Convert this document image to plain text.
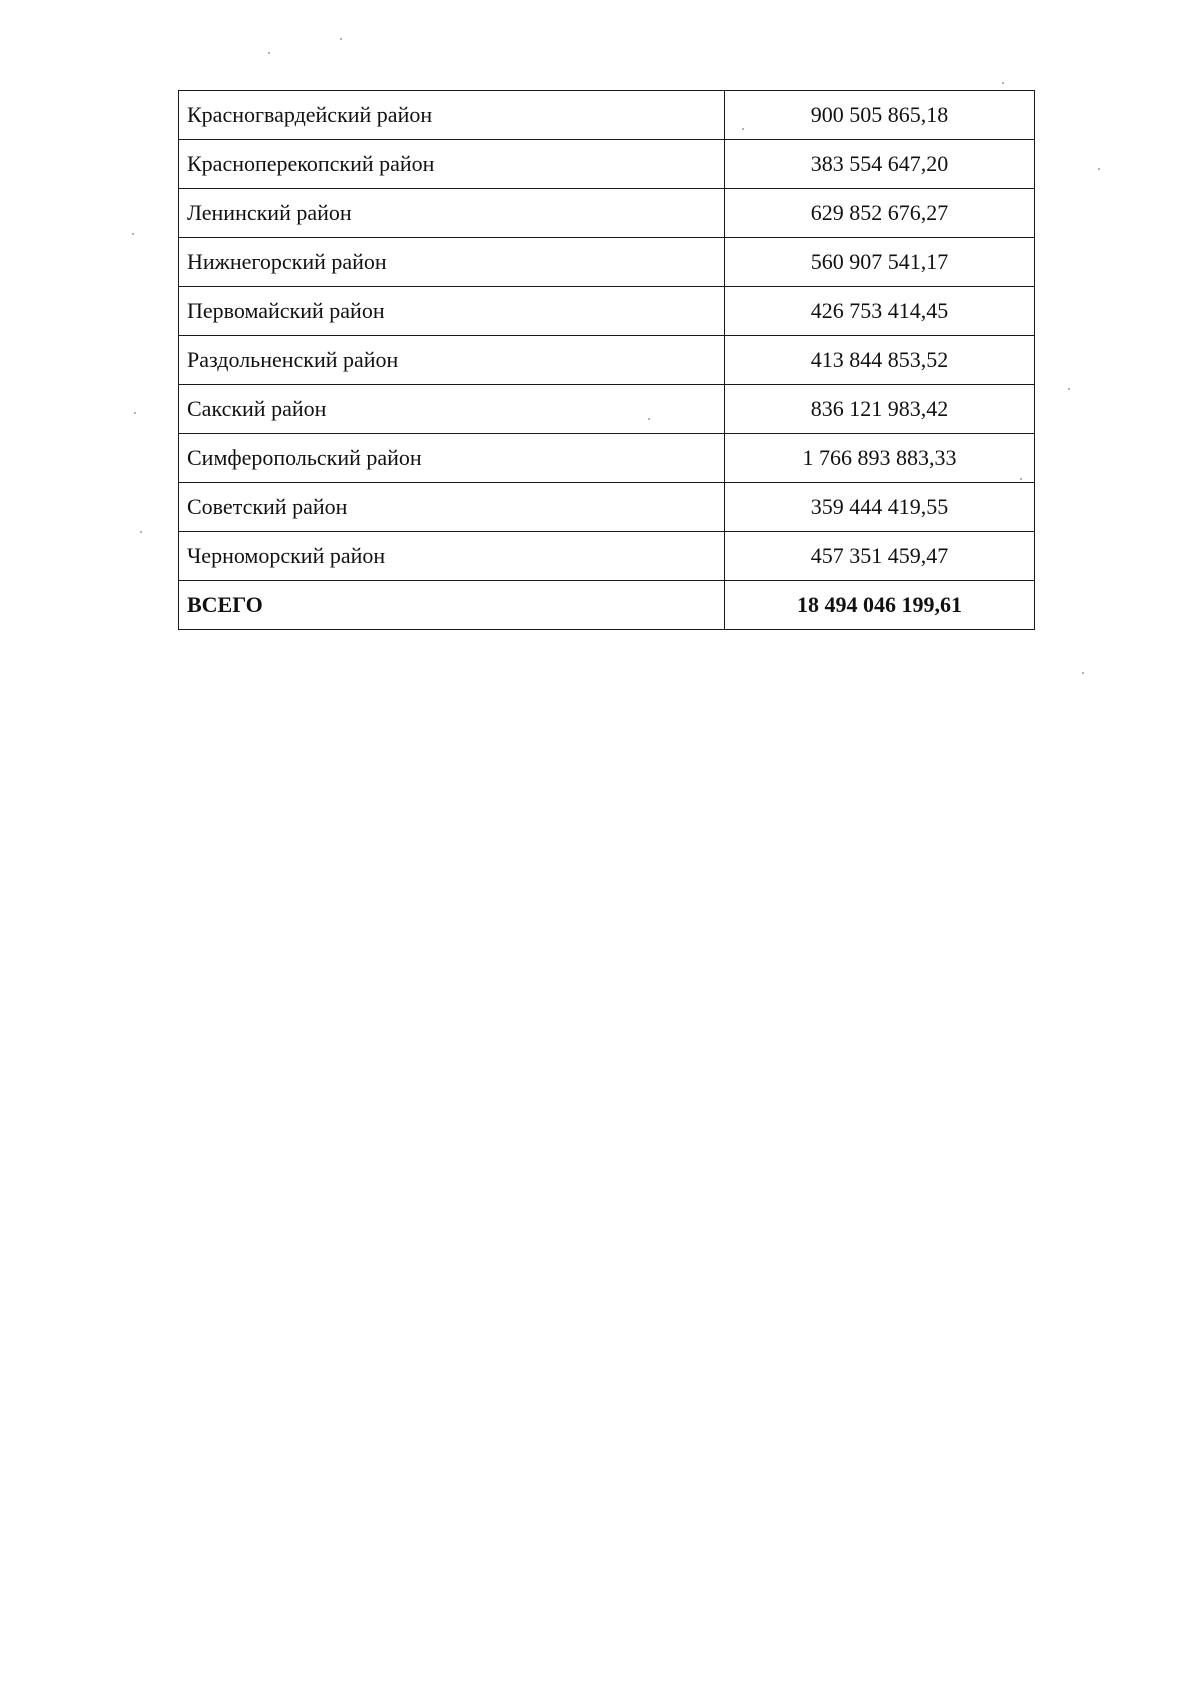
Красногвардейский район	900 505 865,18
Красноперекопский район	383 554 647,20
Ленинский район	629 852 676,27
Нижнегорский район	560 907 541,17
Первомайский район	426 753 414,45
Раздольненский район	413 844 853,52
Сакский район	836 121 983,42
Симферопольский район	1 766 893 883,33
Советский район	359 444 419,55
Черноморский район	457 351 459,47
ВСЕГО	18 494 046 199,61
